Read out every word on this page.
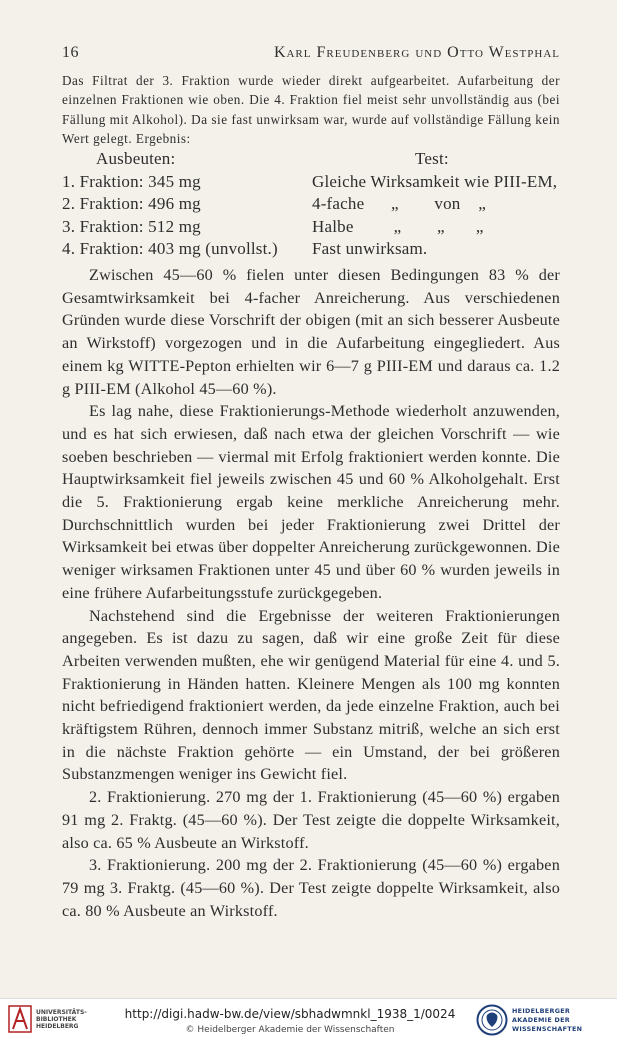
16	Karl Freudenberg und Otto Westphal

Das Filtrat der 3. Fraktion wurde wieder direkt aufgearbeitet. Aufarbeitung der einzelnen Fraktionen wie oben. Die 4. Fraktion fiel meist sehr unvollständig aus (bei Fällung mit Alkohol). Da sie fast unwirksam war, wurde auf vollständige Fällung kein Wert gelegt. Ergebnis:

Ausbeuten:	Test:
1. Fraktion: 345 mg	Gleiche Wirksamkeit wie PIII-EM,
2. Fraktion: 496 mg	4-fache      „        von    „
3. Fraktion: 512 mg	Halbe         „        „       „
4. Fraktion: 403 mg (unvollst.)	Fast unwirksam.

Zwischen 45—60 % fielen unter diesen Bedingungen 83 % der Gesamtwirksamkeit bei 4-facher Anreicherung. Aus verschiedenen Gründen wurde diese Vorschrift der obigen (mit an sich besserer Ausbeute an Wirkstoff) vorgezogen und in die Aufarbeitung eingegliedert. Aus einem kg WITTE-Pepton erhielten wir 6—7 g PIII-EM und daraus ca. 1.2 g PIII-EM (Alkohol 45—60 %).

Es lag nahe, diese Fraktionierungs-Methode wiederholt anzuwenden, und es hat sich erwiesen, daß nach etwa der gleichen Vorschrift — wie soeben beschrieben — viermal mit Erfolg fraktioniert werden konnte. Die Hauptwirksamkeit fiel jeweils zwischen 45 und 60 % Alkoholgehalt. Erst die 5. Fraktionierung ergab keine merkliche Anreicherung mehr. Durchschnittlich wurden bei jeder Fraktionierung zwei Drittel der Wirksamkeit bei etwas über doppelter Anreicherung zurückgewonnen. Die weniger wirksamen Fraktionen unter 45 und über 60 % wurden jeweils in eine frühere Aufarbeitungsstufe zurückgegeben.

Nachstehend sind die Ergebnisse der weiteren Fraktionierungen angegeben. Es ist dazu zu sagen, daß wir eine große Zeit für diese Arbeiten verwenden mußten, ehe wir genügend Material für eine 4. und 5. Fraktionierung in Händen hatten. Kleinere Mengen als 100 mg konnten nicht befriedigend fraktioniert werden, da jede einzelne Fraktion, auch bei kräftigstem Rühren, dennoch immer Substanz mitriß, welche an sich erst in die nächste Fraktion gehörte — ein Umstand, der bei größeren Substanzmengen weniger ins Gewicht fiel.

2. Fraktionierung. 270 mg der 1. Fraktionierung (45—60 %) ergaben 91 mg 2. Fraktg. (45—60 %). Der Test zeigte die doppelte Wirksamkeit, also ca. 65 % Ausbeute an Wirkstoff.

3. Fraktionierung. 200 mg der 2. Fraktionierung (45—60 %) ergaben 79 mg 3. Fraktg. (45—60 %). Der Test zeigte doppelte Wirksamkeit, also ca. 80 % Ausbeute an Wirkstoff.

UNIVERSITÄTS- BIBLIOTHEK HEIDELBERG
http://digi.hadw-bw.de/view/sbhadwmnkl_1938_1/0024
© Heidelberger Akademie der Wissenschaften
HEIDELBERGER AKADEMIE DER WISSENSCHAFTEN
